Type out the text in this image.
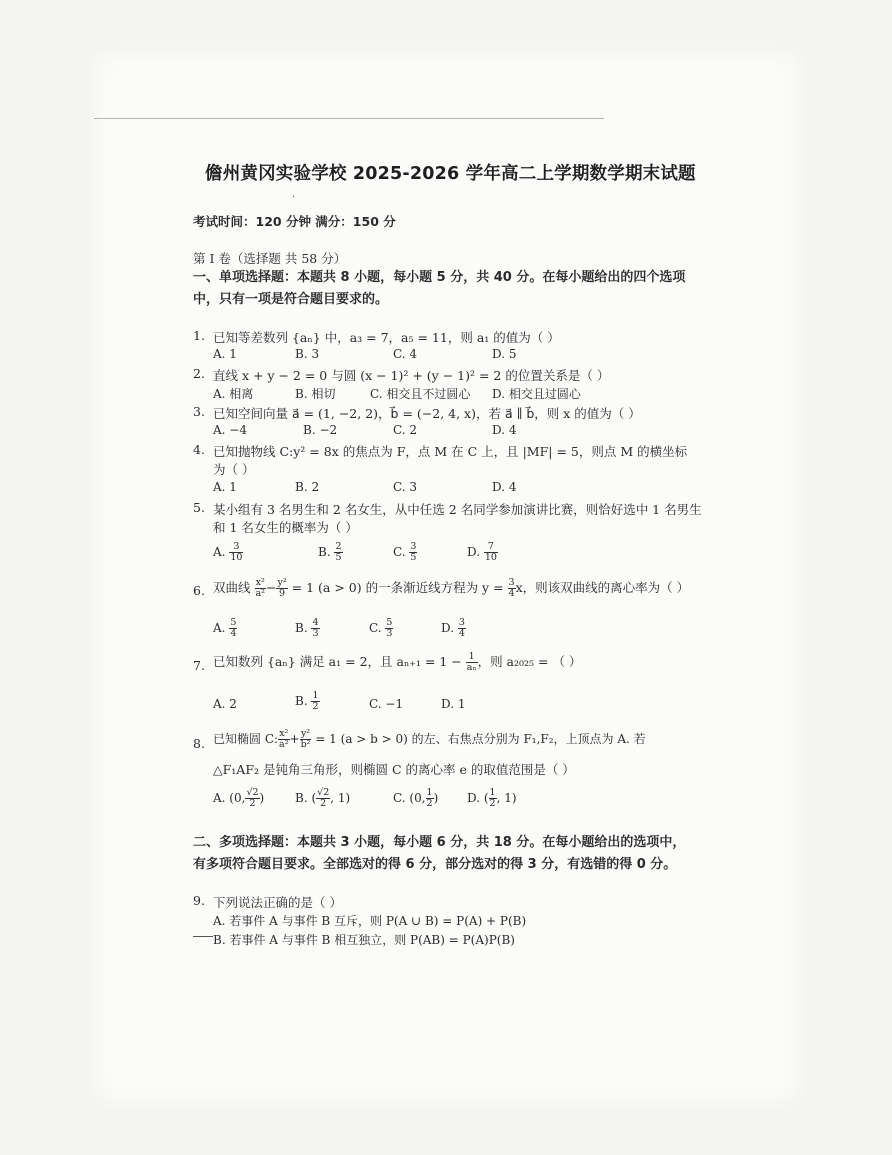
儋州黄冈实验学校 2025-2026 学年高二上学期数学期末试题
·
考试时间：120 分钟 满分：150 分
第 I 卷（选择题 共 58 分）
一、单项选择题：本题共 8 小题，每小题 5 分，共 40 分。在每小题给出的四个选项中，只有一项是符合题目要求的。
1. 已知等差数列 {aₙ} 中，a₃ = 7，a₅ = 11，则 a₁ 的值为（ ）
A. 1	B. 3	C. 4	D. 5
2. 直线 x + y − 2 = 0 与圆 (x − 1)² + (y − 1)² = 2 的位置关系是（ ）
A. 相离	B. 相切	C. 相交且不过圆心 D. 相交且过圆心
3. 已知空间向量 a⃗ = (1, −2, 2)，b⃗ = (−2, 4, x)，若 a⃗ ∥ b⃗，则 x 的值为（ ）
A. −4	B. −2	C. 2	D. 4
4. 已知抛物线 C:y² = 8x 的焦点为 F，点 M 在 C 上，且 |MF| = 5，则点 M 的横坐标
为（ ）
A. 1	B. 2	C. 3	D. 4
5. 某小组有 3 名男生和 2 名女生，从中任选 2 名同学参加演讲比赛，则恰好选中 1 名男生
和 1 名女生的概率为（ ）
A. $\frac{3}{10}$	B. $\frac{2}{5}$	C. $\frac{3}{5}$	D. $\frac{7}{10}$
6. 双曲线 $\frac{\text{x²}}{\text{a²}} - \frac{\text{y²}}{9} = 1$ (a > 0) 的一条渐近线方程为 $y = \frac{3}{4}$ x，则该双曲线的离心率为（ ）
A. $\frac{5}{4}$	B. $\frac{4}{3}$	C. $\frac{5}{3}$	D. $\frac{3}{4}$
7. 已知数列 {aₙ} 满足 a₁ = 2，且 $a_{n+1} = 1 - \frac{1}{\text{aₙ}}$ ，则 a₂₀₂₅ = （ ）
A. 2	B. $\frac{1}{2}$	C. −1	D. 1
8. 已知椭圆 C: $\frac{\text{x²}}{\text{a²}} + \frac{\text{y²}}{\text{b²}} = 1$ (a > b > 0) 的左、右焦点分别为 F₁,F₂，上顶点为 A. 若
△F₁AF₂ 是钝角三角形，则椭圆 C 的离心率 e 的取值范围是（ ）
A. (0, $\frac{√2}{2}$ )	B. ( $\frac{√2}{2}$ , 1)	C. (0, $\frac{1}{2}$ ) D. ( $\frac{1}{2}$ , 1)
二、多项选择题：本题共 3 小题，每小题 6 分，共 18 分。在每小题给出的选项中，有多项符合题目要求。全部选对的得 6 分，部分选对的得 3 分，有选错的得 0 分。
9. 下列说法正确的是（ ）
A. 若事件 A 与事件 B 互斥，则 P(A ∪ B) = P(A) + P(B)
B. 若事件 A 与事件 B 相互独立，则 P(AB) = P(A)P(B)
